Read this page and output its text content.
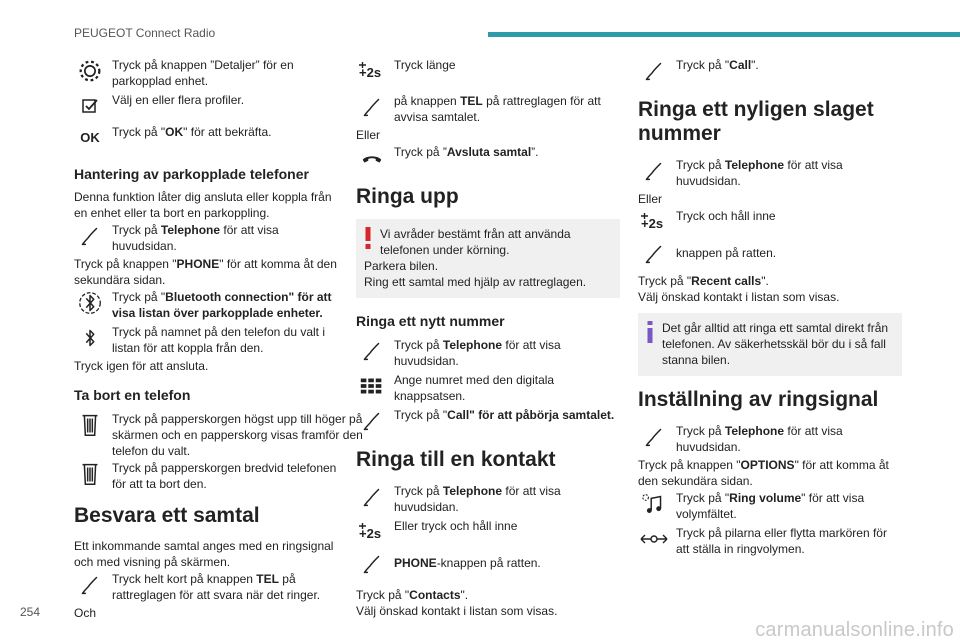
PEUGEOT Connect Radio
254
carmanualsonline.info
Tryck på knappen ”Detaljer” för en parkopplad enhet.
Välj en eller flera profiler.
OK	Tryck på "OK" för att bekräfta.
Hantering av parkopplade telefoner

Denna funktion låter dig ansluta eller koppla från en enhet eller ta bort en parkoppling.

Tryck på Telephone för att visa huvudsidan.

Tryck på knappen "PHONE" för att komma åt den sekundära sidan.

Tryck på "Bluetooth connection" för att visa listan över parkopplade enheter.
Tryck på namnet på den telefon du valt i listan för att koppla från den.

Tryck igen för att ansluta.

Ta bort en telefon
Tryck på papperskorgen högst upp till höger på skärmen och en papperskorg visas framför den telefon du valt.
Tryck på papperskorgen bredvid telefonen för att ta bort den.
Besvara ett samtal

Ett inkommande samtal anges med en ringsignal och med visning på skärmen.

Tryck helt kort på knappen TEL på rattreglagen för att svara när det ringer.

Och

Tryck länge
på knappen TEL på rattreglagen för att avvisa samtalet.

Eller

Tryck på ”Avsluta samtal”.
Ringa upp
Vi avråder bestämt från att använda telefonen under körning.
Parkera bilen.
Ring ett samtal med hjälp av rattreglagen.
Ringa ett nytt nummer
Tryck på Telephone för att visa huvudsidan.
Ange numret med den digitala knappsatsen.
Tryck på "Call" för att påbörja samtalet.
Ringa till en kontakt
Tryck på Telephone för att visa huvudsidan.
Eller tryck och håll inne
PHONE-knappen på ratten.

Tryck på "Contacts".

Välj önskad kontakt i listan som visas.

Tryck på "Call".
Ringa ett nyligen slaget nummer
Tryck på Telephone för att visa huvudsidan.

Eller

Tryck och håll inne
knappen på ratten.

Tryck på "Recent calls".

Välj önskad kontakt i listan som visas.

Det går alltid att ringa ett samtal direkt från telefonen. Av säkerhetsskäl bör du i så fall stanna bilen.
Inställning av ringsignal
Tryck på Telephone för att visa huvudsidan.

Tryck på knappen "OPTIONS" för att komma åt den sekundära sidan.

Tryck på "Ring volume" för att visa volymfältet.
Tryck på pilarna eller flytta markören för att ställa in ringvolymen.
